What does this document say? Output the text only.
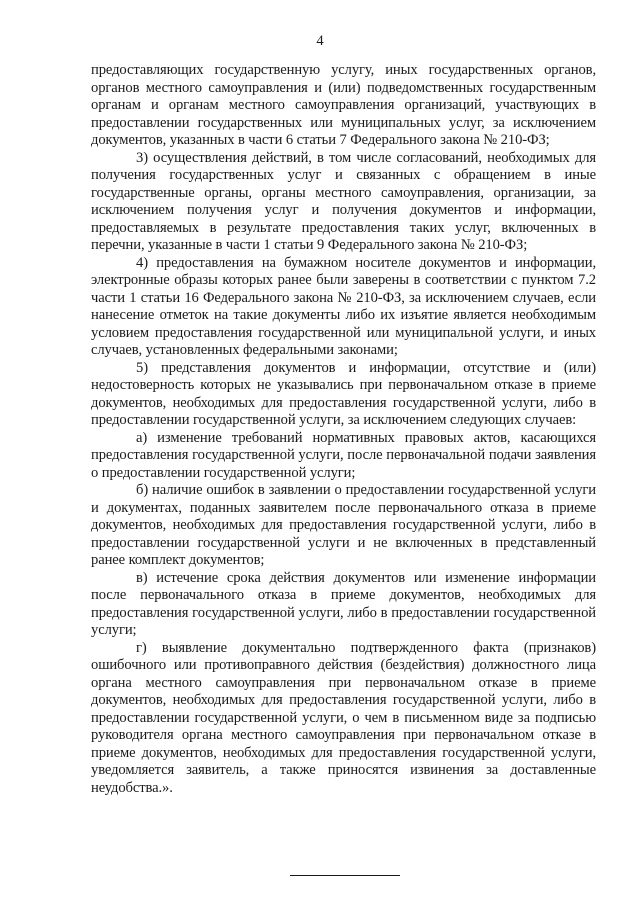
4

предоставляющих государственную услугу, иных государственных органов, органов местного самоуправления и (или) подведомственных государственным органам и органам местного самоуправления организаций, участвующих в предоставлении государственных или муниципальных услуг, за исключением документов, указанных в части 6 статьи 7 Федерального закона № 210-ФЗ;

3) осуществления действий, в том числе согласований, необходимых для получения государственных услуг и связанных с обращением в иные государственные органы, органы местного самоуправления, организации, за исключением получения услуг и получения документов и информации, предоставляемых в результате предоставления таких услуг, включенных в перечни, указанные в части 1 статьи 9 Федерального закона № 210-ФЗ;

4) предоставления на бумажном носителе документов и информации, электронные образы которых ранее были заверены в соответствии с пунктом 7.2 части 1 статьи 16 Федерального закона № 210-ФЗ, за исключением случаев, если нанесение отметок на такие документы либо их изъятие является необходимым условием предоставления государственной или муниципальной услуги, и иных случаев, установленных федеральными законами;

5) представления документов и информации, отсутствие и (или) недостоверность которых не указывались при первоначальном отказе в приеме документов, необходимых для предоставления государственной услуги, либо в предоставлении государственной услуги, за исключением следующих случаев:

а) изменение требований нормативных правовых актов, касающихся предоставления государственной услуги, после первоначальной подачи заявления о предоставлении государственной услуги;

б) наличие ошибок в заявлении о предоставлении государственной услуги и документах, поданных заявителем после первоначального отказа в приеме документов, необходимых для предоставления государственной услуги, либо в предоставлении государственной услуги и не включенных в представленный ранее комплект документов;

в) истечение срока действия документов или изменение информации после первоначального отказа в приеме документов, необходимых для предоставления государственной услуги, либо в предоставлении государственной услуги;

г) выявление документально подтвержденного факта (признаков) ошибочного или противоправного действия (бездействия) должностного лица органа местного самоуправления при первоначальном отказе в приеме документов, необходимых для предоставления государственной услуги, либо в предоставлении государственной услуги, о чем в письменном виде за подписью руководителя органа местного самоуправления при первоначальном отказе в приеме документов, необходимых для предоставления государственной услуги, уведомляется заявитель, а также приносятся извинения за доставленные неудобства.».
